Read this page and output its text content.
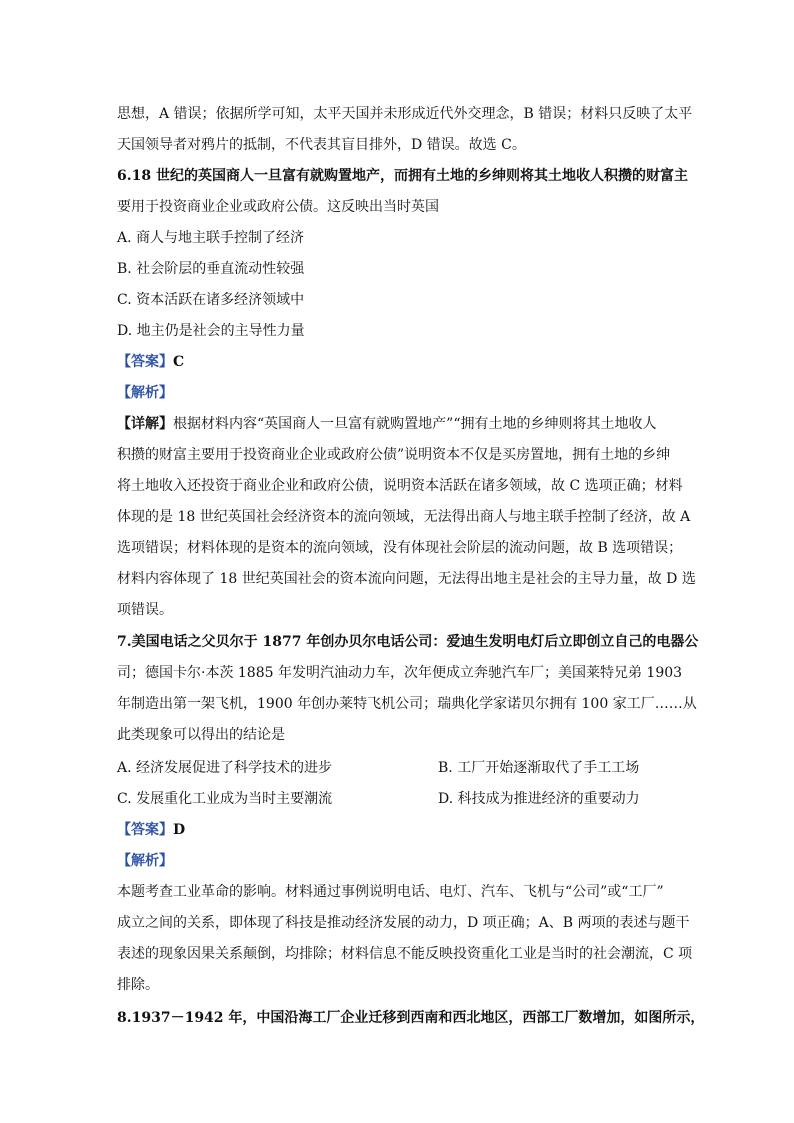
思想，A 错误；依据所学可知，太平天国并未形成近代外交理念，B 错误；材料只反映了太平
天国领导者对鸦片的抵制，不代表其盲目排外，D 错误。故选 C。
6.18 世纪的英国商人一旦富有就购置地产，而拥有土地的乡绅则将其土地收人积攒的财富主
要用于投资商业企业或政府公债。这反映出当时英国
A. 商人与地主联手控制了经济
B. 社会阶层的垂直流动性较强
C. 资本活跃在诸多经济领域中
D. 地主仍是社会的主导性力量
【答案】C
【解析】
【详解】根据材料内容“英国商人一旦富有就购置地产”“拥有土地的乡绅则将其土地收人
积攒的财富主要用于投资商业企业或政府公债”说明资本不仅是买房置地，拥有土地的乡绅
将土地收入还投资于商业企业和政府公债，说明资本活跃在诸多领域，故 C 选项正确；材料
体现的是 18 世纪英国社会经济资本的流向领域，无法得出商人与地主联手控制了经济，故 A
选项错误；材料体现的是资本的流向领域，没有体现社会阶层的流动问题，故 B 选项错误；
材料内容体现了 18 世纪英国社会的资本流向问题，无法得出地主是社会的主导力量，故 D 选
项错误。
7.美国电话之父贝尔于 1877 年创办贝尔电话公司：爱迪生发明电灯后立即创立自己的电器公
司；德国卡尔·本茨 1885 年发明汽油动力车，次年便成立奔驰汽车厂；美国莱特兄弟 1903
年制造出第一架飞机，1900 年创办莱特飞机公司；瑞典化学家诺贝尔拥有 100 家工厂……从
此类现象可以得出的结论是
A. 经济发展促进了科学技术的进步	B. 工厂开始逐渐取代了手工工场
C. 发展重化工业成为当时主要潮流	D. 科技成为推进经济的重要动力
【答案】D
【解析】
本题考查工业革命的影响。材料通过事例说明电话、电灯、汽车、飞机与“公司”或“工厂”
成立之间的关系，即体现了科技是推动经济发展的动力，D 项正确；A、B 两项的表述与题干
表述的现象因果关系颠倒，均排除；材料信息不能反映投资重化工业是当时的社会潮流，C 项
排除。
8.1937－1942 年，中国沿海工厂企业迁移到西南和西北地区，西部工厂数增加，如图所示，
